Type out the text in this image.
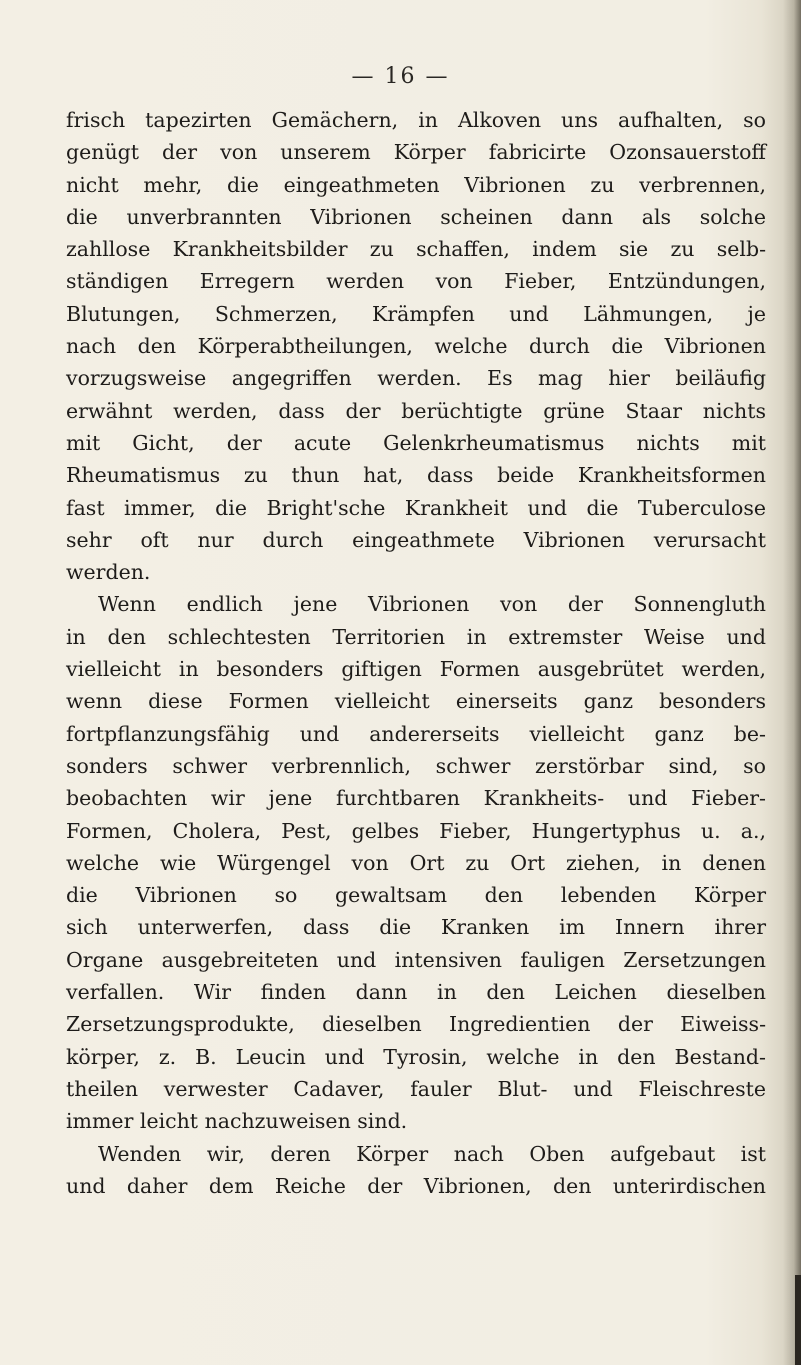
— 16 —
frisch tapezirten Gemächern, in Alkoven uns aufhalten, so
genügt der von unserem Körper fabricirte Ozonsauerstoff
nicht mehr, die eingeathmeten Vibrionen zu verbrennen,
die unverbrannten Vibrionen scheinen dann als solche
zahllose Krankheitsbilder zu schaffen, indem sie zu selb-
ständigen Erregern werden von Fieber, Entzündungen,
Blutungen, Schmerzen, Krämpfen und Lähmungen, je
nach den Körperabtheilungen, welche durch die Vibrionen
vorzugsweise angegriffen werden. Es mag hier beiläufig
erwähnt werden, dass der berüchtigte grüne Staar nichts
mit Gicht, der acute Gelenkrheumatismus nichts mit
Rheumatismus zu thun hat, dass beide Krankheitsformen
fast immer, die Bright'sche Krankheit und die Tuberculose
sehr oft nur durch eingeathmete Vibrionen verursacht
werden.
Wenn endlich jene Vibrionen von der Sonnengluth
in den schlechtesten Territorien in extremster Weise und
vielleicht in besonders giftigen Formen ausgebrütet werden,
wenn diese Formen vielleicht einerseits ganz besonders
fortpflanzungsfähig und andererseits vielleicht ganz be-
sonders schwer verbrennlich, schwer zerstörbar sind, so
beobachten wir jene furchtbaren Krankheits- und Fieber-
Formen, Cholera, Pest, gelbes Fieber, Hungertyphus u. a.,
welche wie Würgengel von Ort zu Ort ziehen, in denen
die Vibrionen so gewaltsam den lebenden Körper
sich unterwerfen, dass die Kranken im Innern ihrer
Organe ausgebreiteten und intensiven fauligen Zersetzungen
verfallen. Wir finden dann in den Leichen dieselben
Zersetzungsprodukte, dieselben Ingredientien der Eiweiss-
körper, z. B. Leucin und Tyrosin, welche in den Bestand-
theilen verwester Cadaver, fauler Blut- und Fleischreste
immer leicht nachzuweisen sind.
Wenden wir, deren Körper nach Oben aufgebaut ist
und daher dem Reiche der Vibrionen, den unterirdischen
